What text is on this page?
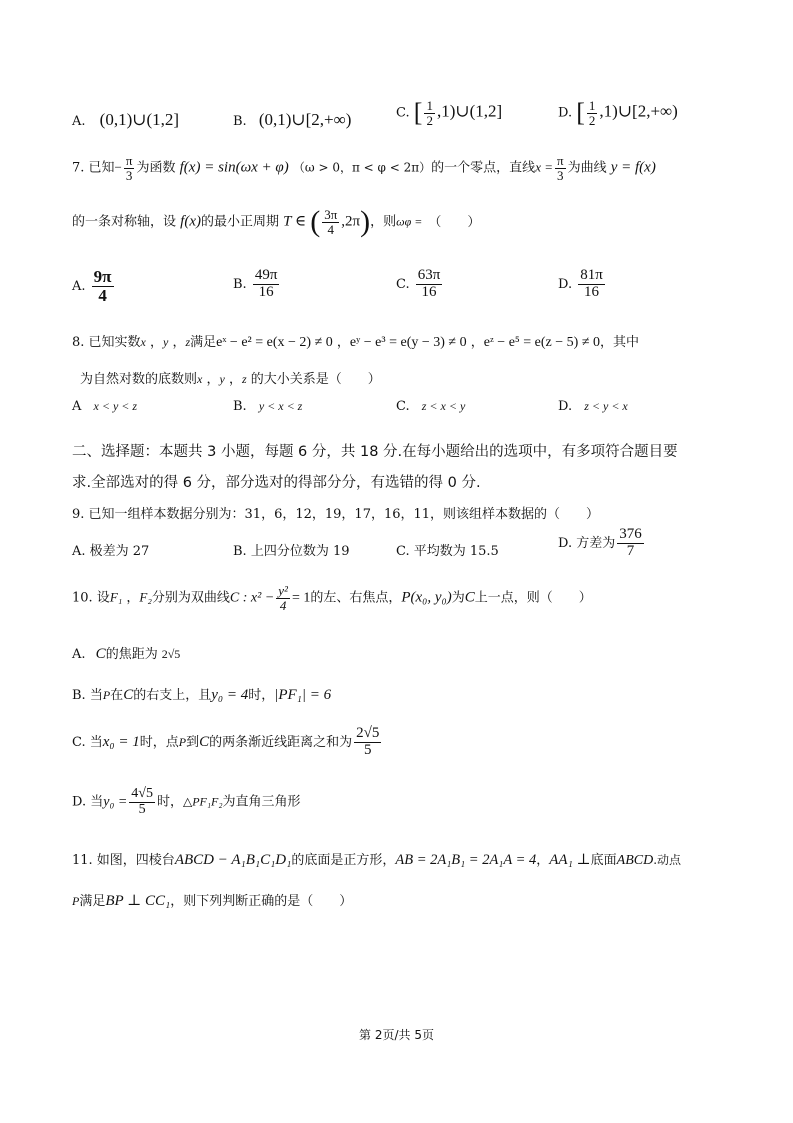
A. (0,1)∪(1,2]	B. (0,1)∪[2,+∞)	C. [ $\frac{1}{2}$ ,1)∪(1,2]	D. [ $\frac{1}{2}$ ,1)∪[2,+∞)
7. 已知− $\frac{\pi}{3}$ 为函数 f(x) = sin(ωx + φ) （ω > 0，π < φ < 2π）的一个零点，直线$x = \frac{\pi}{3}$ 为曲线 y = f(x)
的一条对称轴，设 f(x)的最小正周期 T ∈ ( $\frac{3\pi}{4} ,2\pi$)，则ωφ = （　　）
A. $\frac{9\pi}{4}$	B. $\frac{49\pi}{16}$	C. $\frac{63\pi}{16}$	D. $\frac{81\pi}{16}$
8. 已知实数x ，y ，z满足eˣ − e² = e(x − 2) ≠ 0 ，eʸ − e³ = e(y − 3) ≠ 0 ，eᶻ − e⁵ = e(z − 5) ≠ 0，其中
为自然对数的底数则x ，y ，z 的大小关系是（　　）
A x < y < z	B. y < x < z	C. z < x < y	D. z < y < x
二、选择题：本题共 3 小题，每题 6 分，共 18 分.在每小题给出的选项中，有多项符合题目要
求.全部选对的得 6 分，部分选对的得部分分，有选错的得 0 分.
9. 已知一组样本数据分别为：31，6，12，19，17，16，11，则该组样本数据的（　　）
A. 极差为 27	B. 上四分位数为 19	C. 平均数为 15.5
D. 方差为 $\frac{376}{7}$
10. 设F₁ ，F₂分别为双曲线C : $x^2 - \frac{\text{y²}}{4} = 1$的左、右焦点，P(x₀, y₀)为C上一点，则（　　）
A. C的焦距为 2√5
B. 当P在C的右支上，且y₀ = 4时，|PF₁| = 6
C. 当x₀ = 1时，点P到C的两条渐近线距离之和为 $\frac{2√5}{5}$
D. 当$y_0 = \frac{4√5}{5}$ 时，△PF₁F₂为直角三角形
11. 如图，四棱台ABCD − A₁B₁C₁D₁的底面是正方形，AB = 2A₁B₁ = 2A₁A = 4，AA₁ ⊥底面ABCD.动点
P满足BP ⊥ CC₁，则下列判断正确的是（　　）
第 2页/共 5页
